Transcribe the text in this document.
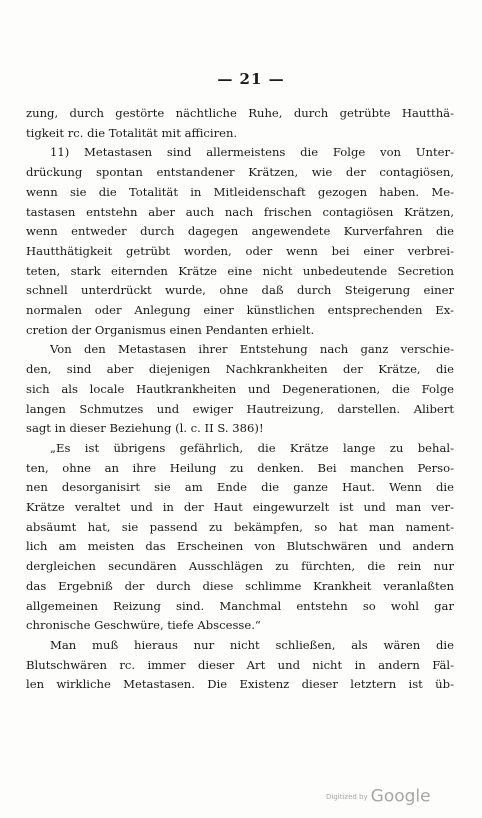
— 21 —
zung, durch gestörte nächtliche Ruhe, durch getrübte Hautthä-
tigkeit rc. die Totalität mit afficiren.
11) Metastasen sind allermeistens die Folge von Unter-
drückung spontan entstandener Krätzen, wie der contagiösen,
wenn sie die Totalität in Mitleidenschaft gezogen haben. Me-
tastasen entstehn aber auch nach frischen contagiösen Krätzen,
wenn entweder durch dagegen angewendete Kurverfahren die
Hautthätigkeit getrübt worden, oder wenn bei einer verbrei-
teten, stark eiternden Krätze eine nicht unbedeutende Secretion
schnell unterdrückt wurde, ohne daß durch Steigerung einer
normalen oder Anlegung einer künstlichen entsprechenden Ex-
cretion der Organismus einen Pendanten erhielt.
Von den Metastasen ihrer Entstehung nach ganz verschie-
den, sind aber diejenigen Nachkrankheiten der Krätze, die
sich als locale Hautkrankheiten und Degenerationen, die Folge
langen Schmutzes und ewiger Hautreizung, darstellen. Alibert
sagt in dieser Beziehung (l. c. II S. 386)!
„Es ist übrigens gefährlich, die Krätze lange zu behal-
ten, ohne an ihre Heilung zu denken. Bei manchen Perso-
nen desorganisirt sie am Ende die ganze Haut. Wenn die
Krätze veraltet und in der Haut eingewurzelt ist und man ver-
absäumt hat, sie passend zu bekämpfen, so hat man nament-
lich am meisten das Erscheinen von Blutschwären und andern
dergleichen secundären Ausschlägen zu fürchten, die rein nur
das Ergebniß der durch diese schlimme Krankheit veranlaßten
allgemeinen Reizung sind. Manchmal entstehn so wohl gar
chronische Geschwüre, tiefe Abscesse.“
Man muß hieraus nur nicht schließen, als wären die
Blutschwären rc. immer dieser Art und nicht in andern Fäl-
len wirkliche Metastasen. Die Existenz dieser letztern ist üb-
Digitized by Google
